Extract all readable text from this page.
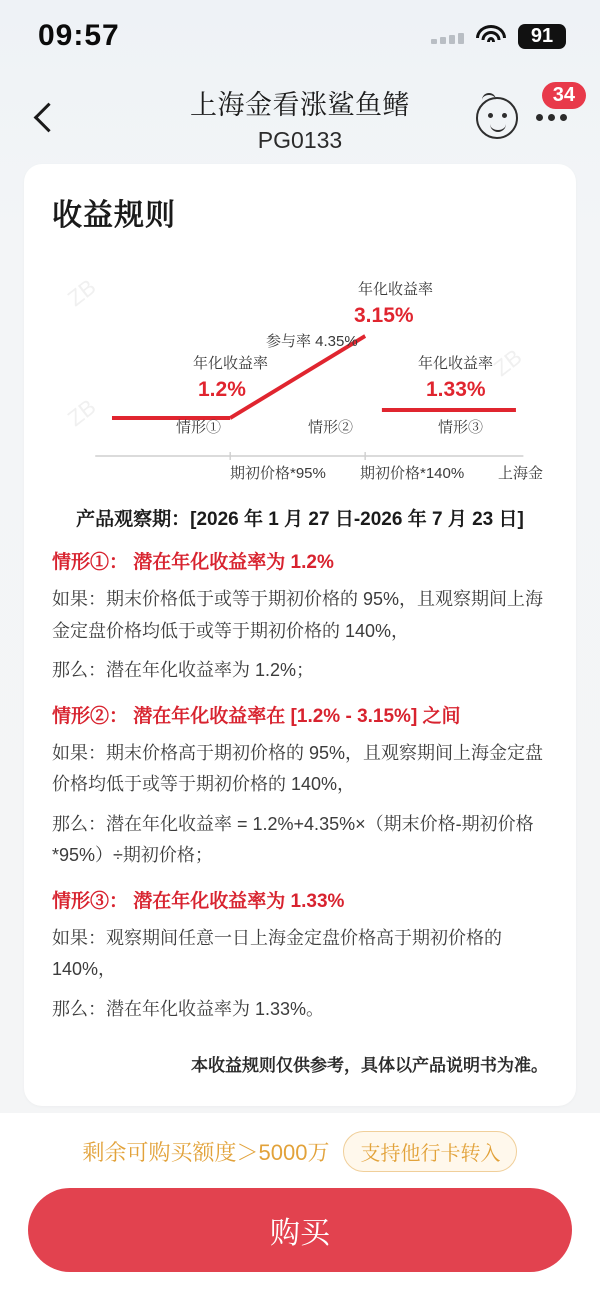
09:57	91
上海金看涨鲨鱼鳍
PG0133
34
收益规则
ZB
ZB
ZB
年化收益率
1.2%
年化收益率
3.15%
年化收益率
1.33%
参与率 4.35%
情形①	情形②	情形③
期初价格*95% 期初价格*140% 上海金
产品观察期：[2026 年 1 月 27 日-2026 年 7 月 23 日]
情形①： 潜在年化收益率为 1.2%
如果：期末价格低于或等于期初价格的 95%，且观察期间上海金定盘价格均低于或等于期初价格的 140%，
那么：潜在年化收益率为 1.2%；
情形②： 潜在年化收益率在 [1.2% - 3.15%] 之间
如果：期末价格高于期初价格的 95%，且观察期间上海金定盘价格均低于或等于期初价格的 140%，
那么：潜在年化收益率 = 1.2%+4.35%×（期末价格-期初价格*95%）÷期初价格；
情形③： 潜在年化收益率为 1.33%
如果：观察期间任意一日上海金定盘价格高于期初价格的 140%，
那么：潜在年化收益率为 1.33%。
本收益规则仅供参考，具体以产品说明书为准。
剩余可购买额度＞5000万	支持他行卡转入
购买
